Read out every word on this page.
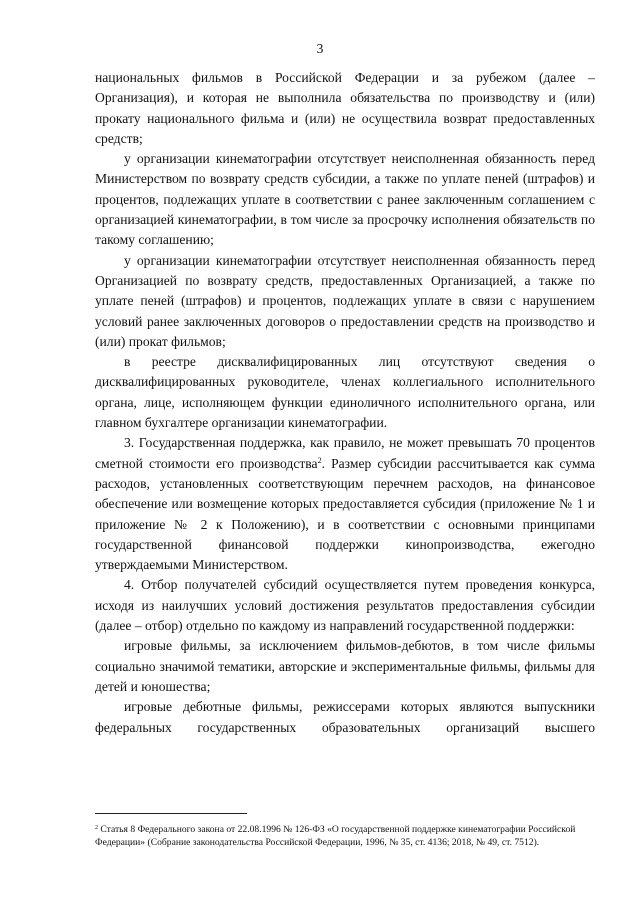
3

национальных фильмов в Российской Федерации и за рубежом (далее – Организация), и которая не выполнила обязательства по производству и (или) прокату национального фильма и (или) не осуществила возврат предоставленных средств;

у организации кинематографии отсутствует неисполненная обязанность перед Министерством по возврату средств субсидии, а также по уплате пеней (штрафов) и процентов, подлежащих уплате в соответствии с ранее заключенным соглашением с организацией кинематографии, в том числе за просрочку исполнения обязательств по такому соглашению;

у организации кинематографии отсутствует неисполненная обязанность перед Организацией по возврату средств, предоставленных Организацией, а также по уплате пеней (штрафов) и процентов, подлежащих уплате в связи с нарушением условий ранее заключенных договоров о предоставлении средств на производство и (или) прокат фильмов;

в реестре дисквалифицированных лиц отсутствуют сведения о дисквалифицированных руководителе, членах коллегиального исполнительного органа, лице, исполняющем функции единоличного исполнительного органа, или главном бухгалтере организации кинематографии.

3. Государственная поддержка, как правило, не может превышать 70 процентов сметной стоимости его производства$^2$. Размер субсидии рассчитывается как сумма расходов, установленных соответствующим перечнем расходов, на финансовое обеспечение или возмещение которых предоставляется субсидия (приложение № 1 и приложение № 2 к Положению), и в соответствии с основными принципами государственной финансовой поддержки кинопроизводства, ежегодно утверждаемыми Министерством.

4. Отбор получателей субсидий осуществляется путем проведения конкурса, исходя из наилучших условий достижения результатов предоставления субсидии (далее – отбор) отдельно по каждому из направлений государственной поддержки:

игровые фильмы, за исключением фильмов-дебютов, в том числе фильмы социально значимой тематики, авторские и экспериментальные фильмы, фильмы для детей и юношества;

игровые дебютные фильмы, режиссерами которых являются выпускники федеральных государственных образовательных организаций высшего

$^2$ Статья 8 Федерального закона от 22.08.1996 № 126-ФЗ «О государственной поддержке кинематографии Российской Федерации» (Собрание законодательства Российской Федерации, 1996, № 35, ст. 4136; 2018, № 49, ст. 7512).
